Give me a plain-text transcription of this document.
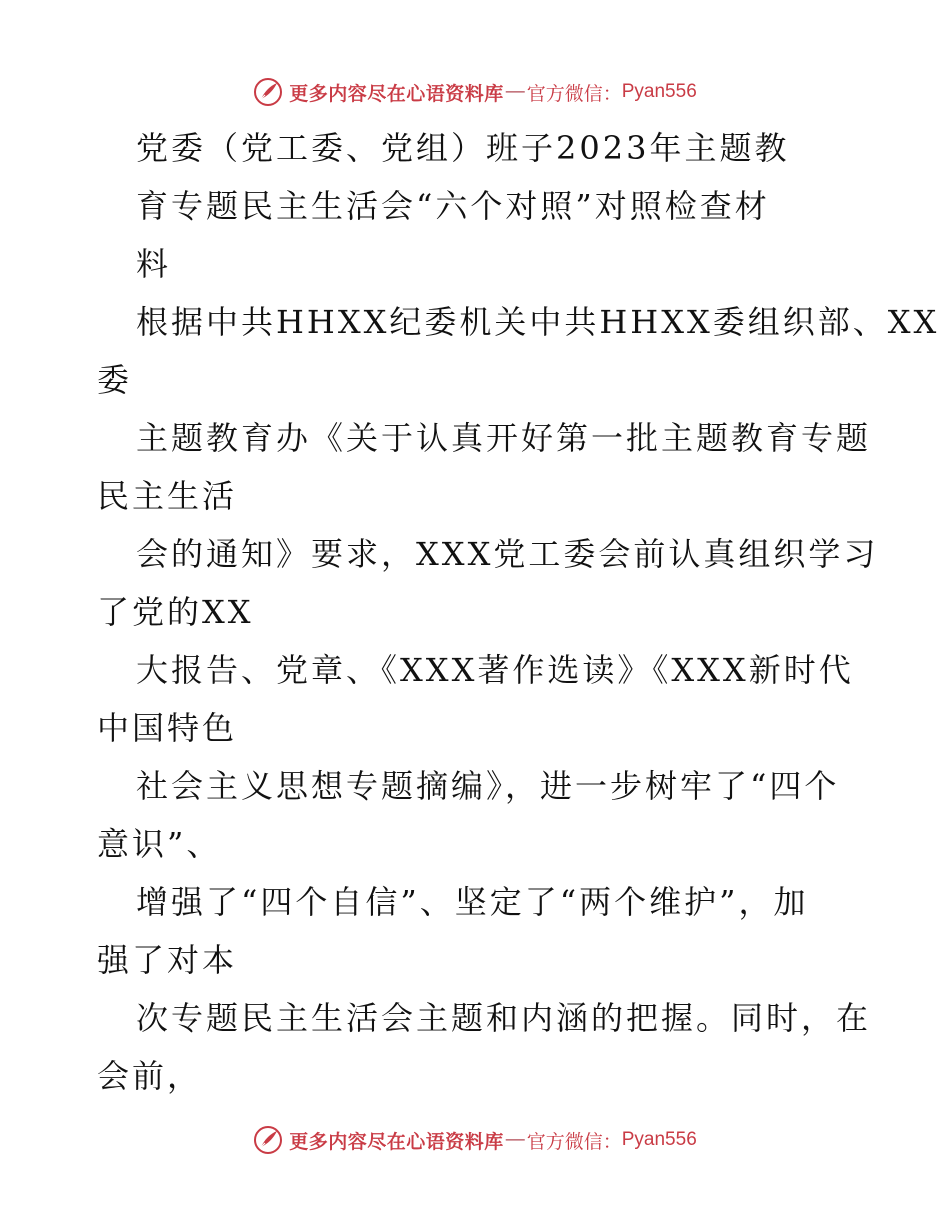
更多内容尽在心语资料库 — 官方微信： Pyan556
党委（党工委、党组）班子2023年主题教
育专题民主生活会“六个对照”对照检查材
料
根据中共HHXX纪委机关中共HHXX委组织部、XX
委
主题教育办《关于认真开好第一批主题教育专题
民主生活
会的通知》要求，XXX党工委会前认真组织学习
了党的XX
大报告、党章、《XXX著作选读》《XXX新时代
中国特色
社会主义思想专题摘编》，进一步树牢了“四个
意识”、
增强了“四个自信”、坚定了“两个维护”，加
强了对本
次专题民主生活会主题和内涵的把握。同时，在
会前，
更多内容尽在心语资料库 — 官方微信： Pyan556
